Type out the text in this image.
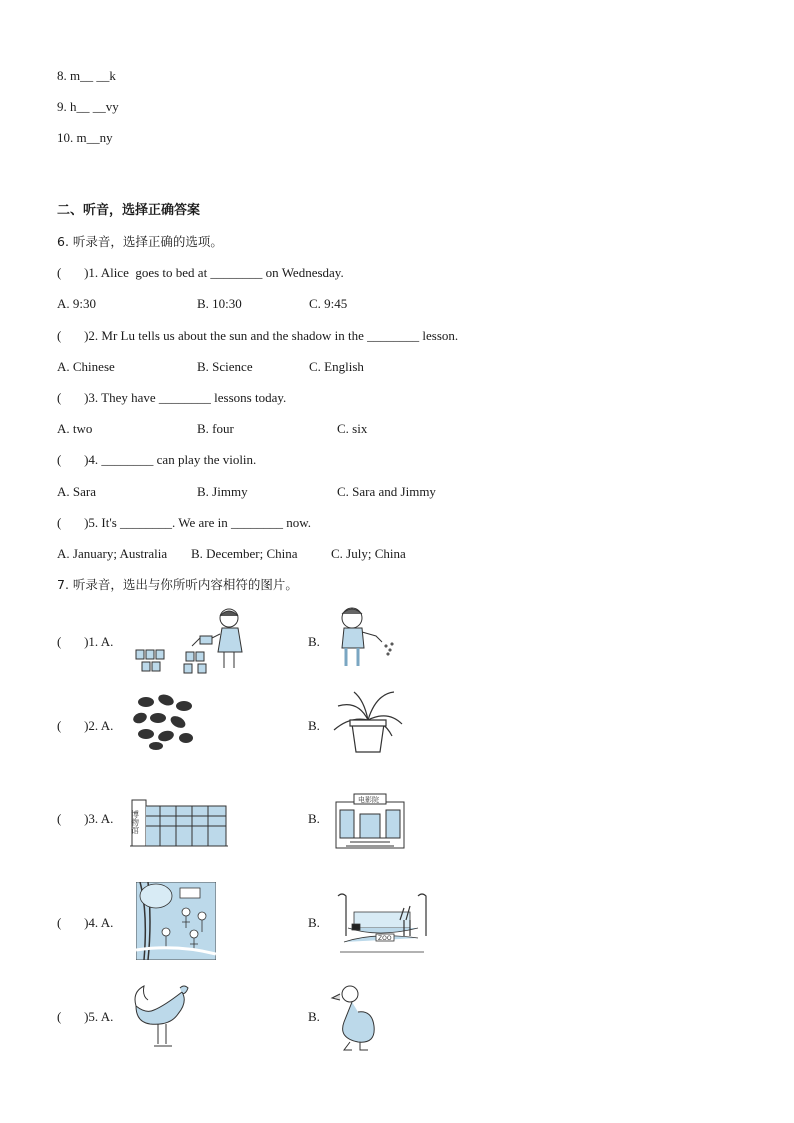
8. m__ __k
9. h__ __vy
10. m__ny
二、听音，选择正确答案
6. 听录音，选择正确的选项。
(       )1. Alice  goes to bed at ________ on Wednesday.
A. 9:30	B. 10:30	C. 9:45
(       )2. Mr Lu tells us about the sun and the shadow in the ________ lesson.
A. Chinese	B. Science	C. English
(       )3. They have ________ lessons today.
A. two	B. four	C. six
(       )4. ________ can play the violin.
A. Sara	B. Jimmy	C. Sara and Jimmy
(       )5. It's ________. We are in ________ now.
A. January; Australia B. December; China	C. July; China
7. 听录音，选出与你所听内容相符的图片。
(       )1. A.	B.
(       )2. A.	B.
(       )3. A.	B.
博物馆
电影院
(       )4. A.	B.
ZOO
(       )5. A.	B.
